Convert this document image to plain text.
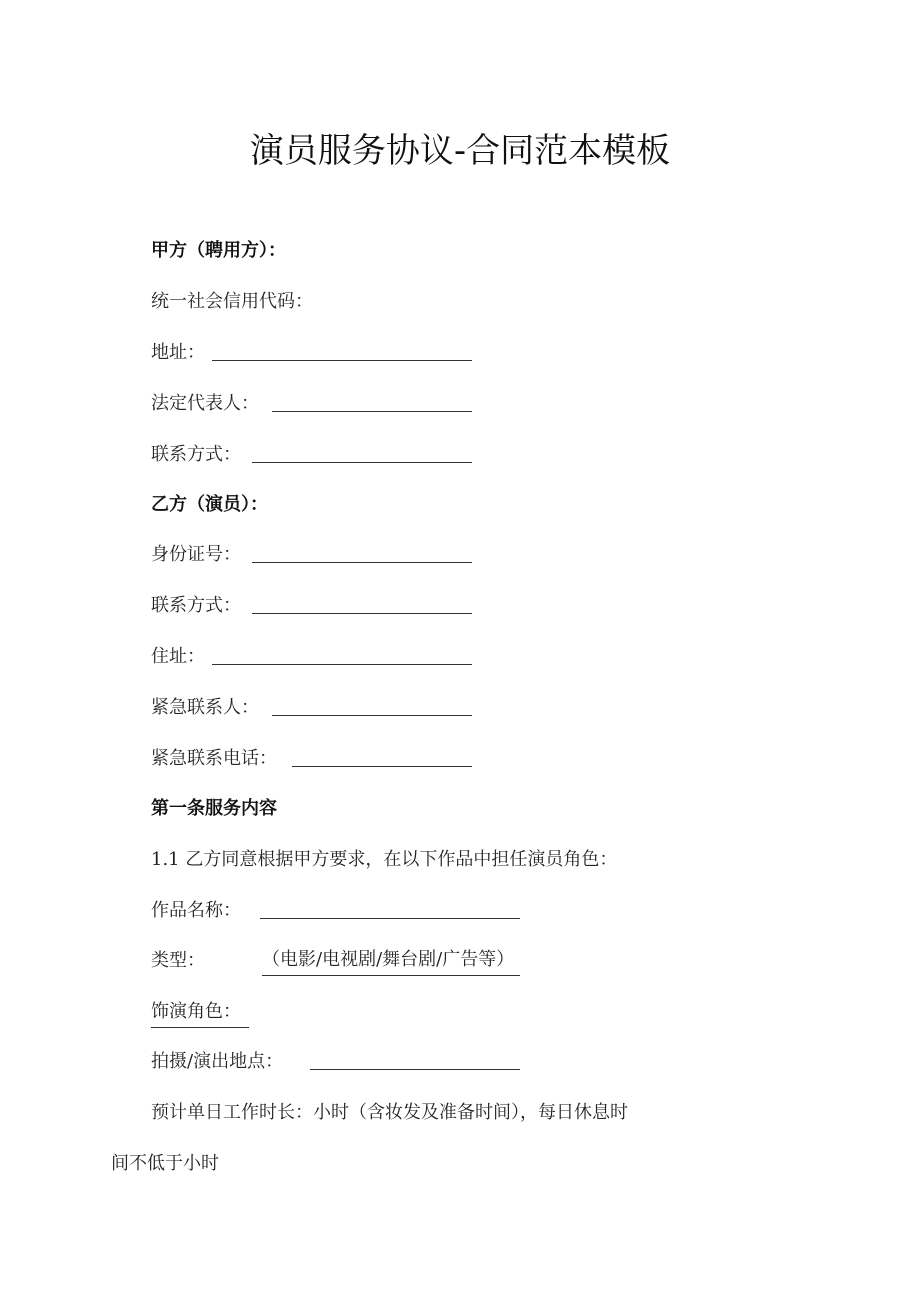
演员服务协议-合同范本模板
甲方（聘用方）：
统一社会信用代码：
地址：
法定代表人：
联系方式：
乙方（演员）：
身份证号：
联系方式：
住址：
紧急联系人：
紧急联系电话：
第一条服务内容
1.1 乙方同意根据甲方要求，在以下作品中担任演员角色：
作品名称：
类型：	（电影/电视剧/舞台剧/广告等）
饰演角色：
拍摄/演出地点：
预计单日工作时长：小时（含妆发及准备时间），每日休息时
间不低于小时
